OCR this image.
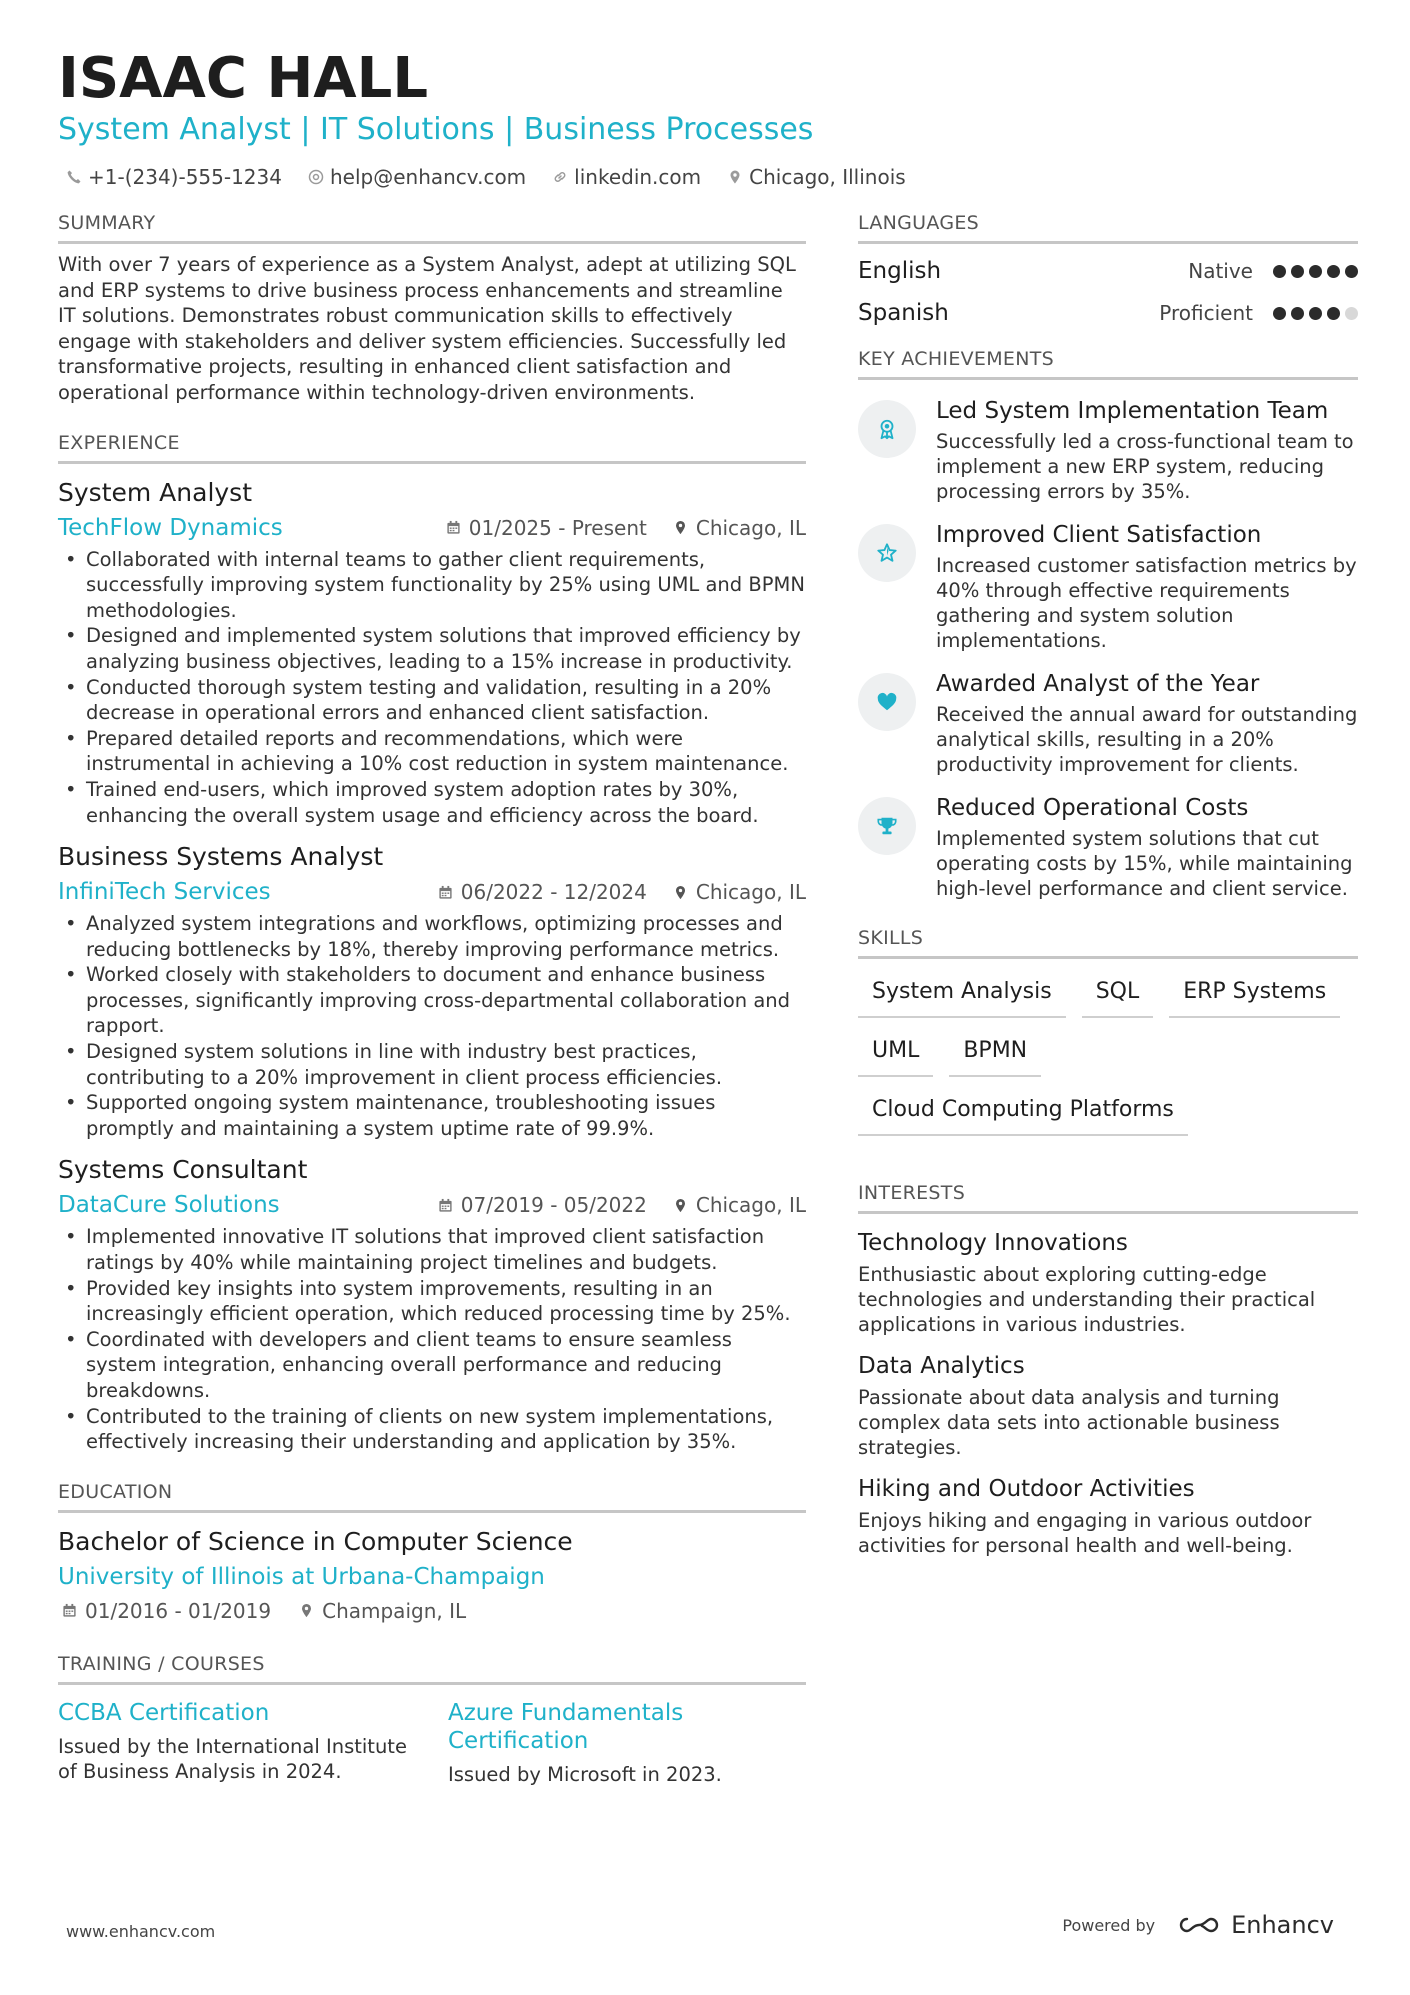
ISAAC HALL
System Analyst | IT Solutions | Business Processes
+1-(234)-555-1234 help@enhancv.com linkedin.com Chicago, Illinois
SUMMARY

With over 7 years of experience as a System Analyst, adept at utilizing SQL and ERP systems to drive business process enhancements and streamline IT solutions. Demonstrates robust communication skills to effectively engage with stakeholders and deliver system efficiencies. Successfully led transformative projects, resulting in enhanced client satisfaction and operational performance within technology-driven environments.

EXPERIENCE
System Analyst
TechFlow Dynamics	01/2025 - Present Chicago, IL
• Collaborated with internal teams to gather client requirements, successfully improving system functionality by 25% using UML and BPMN methodologies.
• Designed and implemented system solutions that improved efficiency by analyzing business objectives, leading to a 15% increase in productivity.
• Conducted thorough system testing and validation, resulting in a 20% decrease in operational errors and enhanced client satisfaction.
• Prepared detailed reports and recommendations, which were instrumental in achieving a 10% cost reduction in system maintenance.
• Trained end-users, which improved system adoption rates by 30%, enhancing the overall system usage and efficiency across the board.
Business Systems Analyst
InfiniTech Services	06/2022 - 12/2024 Chicago, IL
• Analyzed system integrations and workflows, optimizing processes and reducing bottlenecks by 18%, thereby improving performance metrics.
• Worked closely with stakeholders to document and enhance business processes, significantly improving cross-departmental collaboration and rapport.
• Designed system solutions in line with industry best practices, contributing to a 20% improvement in client process efficiencies.
• Supported ongoing system maintenance, troubleshooting issues promptly and maintaining a system uptime rate of 99.9%.
Systems Consultant
DataCure Solutions	07/2019 - 05/2022 Chicago, IL
• Implemented innovative IT solutions that improved client satisfaction ratings by 40% while maintaining project timelines and budgets.
• Provided key insights into system improvements, resulting in an increasingly efficient operation, which reduced processing time by 25%.
• Coordinated with developers and client teams to ensure seamless system integration, enhancing overall performance and reducing breakdowns.
• Contributed to the training of clients on new system implementations, effectively increasing their understanding and application by 35%.
EDUCATION
Bachelor of Science in Computer Science
University of Illinois at Urbana-Champaign
01/2016 - 01/2019	Champaign, IL
TRAINING / COURSES
CCBA Certification
Issued by the International Institute of Business Analysis in 2024.
Azure Fundamentals Certification
Issued by Microsoft in 2023.
LANGUAGES
English	Native
Spanish	Proficient
KEY ACHIEVEMENTS
Led System Implementation Team
Successfully led a cross-functional team to implement a new ERP system, reducing processing errors by 35%.
Improved Client Satisfaction
Increased customer satisfaction metrics by 40% through effective requirements gathering and system solution implementations.
Awarded Analyst of the Year
Received the annual award for outstanding analytical skills, resulting in a 20% productivity improvement for clients.
Reduced Operational Costs
Implemented system solutions that cut operating costs by 15%, while maintaining high-level performance and client service.
SKILLS
System Analysis	SQL	ERP Systems
UML	BPMN
Cloud Computing Platforms
INTERESTS
Technology Innovations
Enthusiastic about exploring cutting-edge technologies and understanding their practical applications in various industries.
Data Analytics
Passionate about data analysis and turning complex data sets into actionable business strategies.
Hiking and Outdoor Activities
Enjoys hiking and engaging in various outdoor activities for personal health and well-being.
www.enhancv.com	Powered by	Enhancv
